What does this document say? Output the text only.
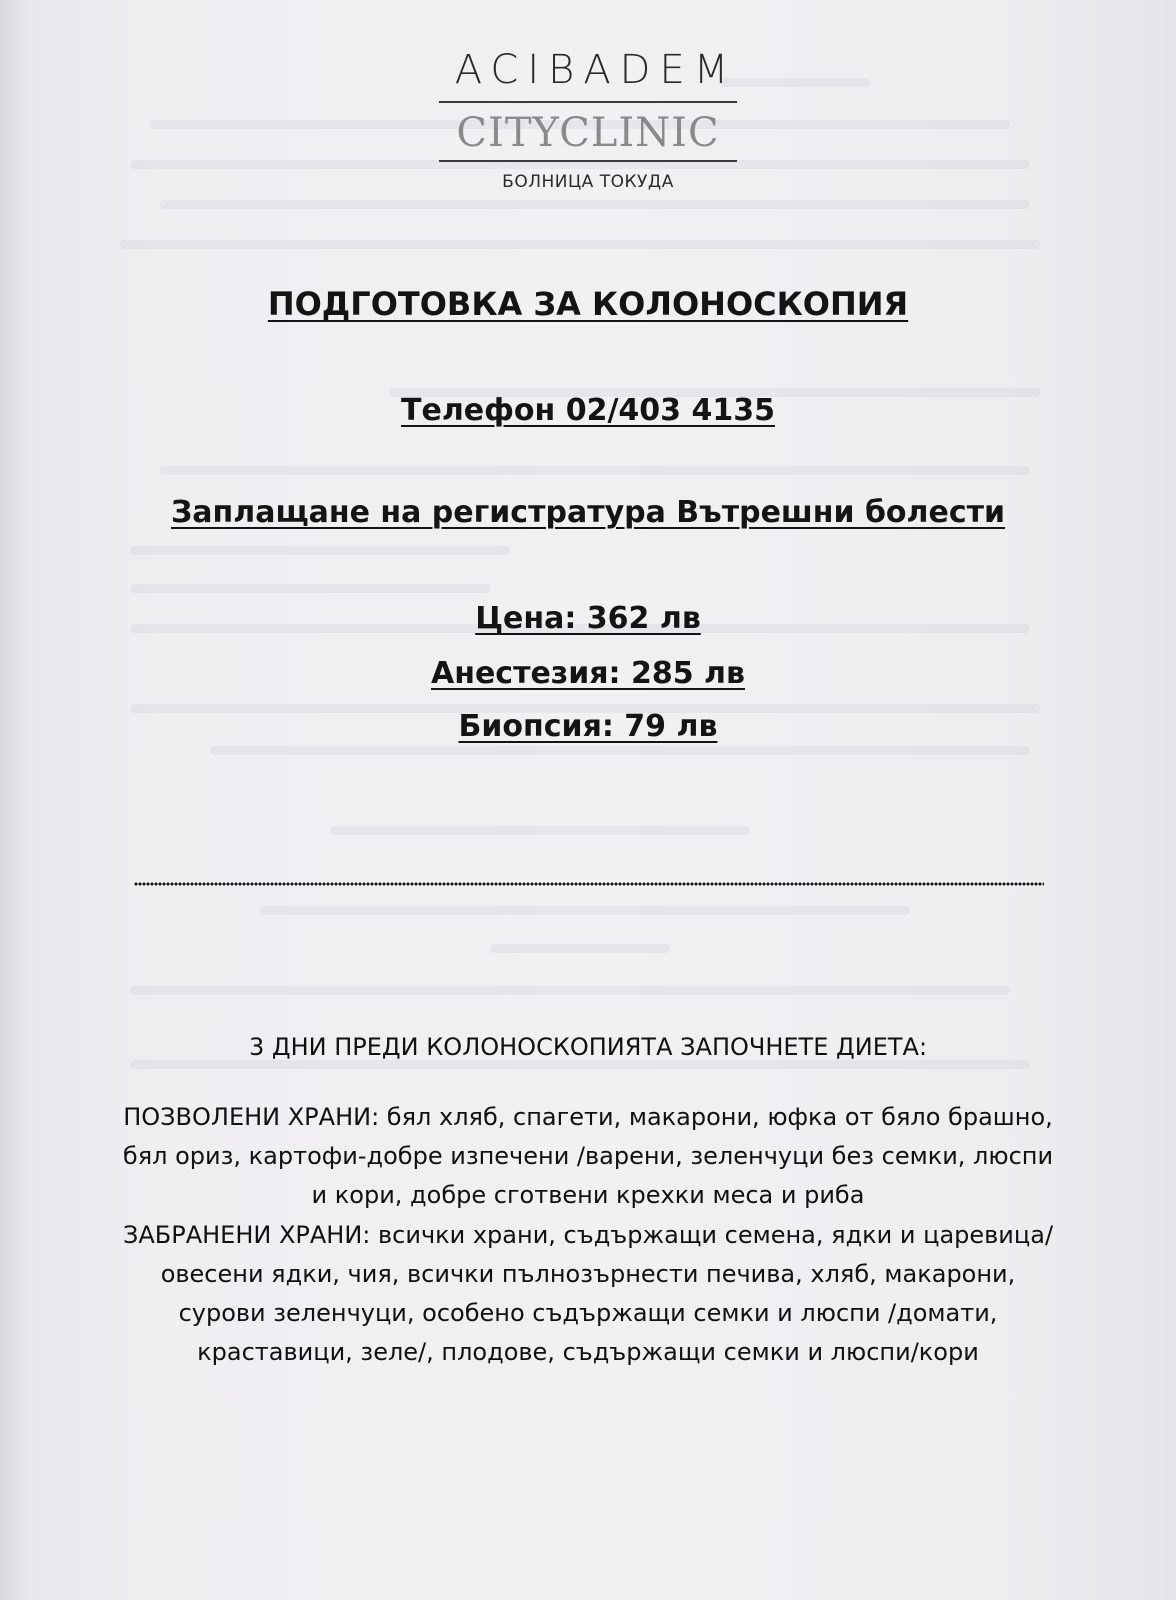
ACIBADEM
CITYCLINIC
БОЛНИЦА ТОКУДА
ПОДГОТОВКА ЗА КОЛОНОСКОПИЯ
Телефон 02/403 4135
Заплащане на регистратура Вътрешни болести
Цена: 362 лв
Анестезия: 285 лв
Биопсия: 79 лв
3 ДНИ ПРЕДИ КОЛОНОСКОПИЯТА ЗАПОЧНЕТЕ ДИЕТА:
ПОЗВОЛЕНИ ХРАНИ: бял хляб, спагети, макарони, юфка от бяло брашно, бял ориз, картофи-добре изпечени /варени, зеленчуци без семки, люспи и кори, добре сготвени крехки меса и риба
ЗАБРАНЕНИ ХРАНИ: всички храни, съдържащи семена, ядки и царевица/ овесени ядки, чия, всички пълнозърнести печива, хляб, макарони, сурови зеленчуци, особено съдържащи семки и люспи /домати, краставици, зеле/, плодове, съдържащи семки и люспи/кори
